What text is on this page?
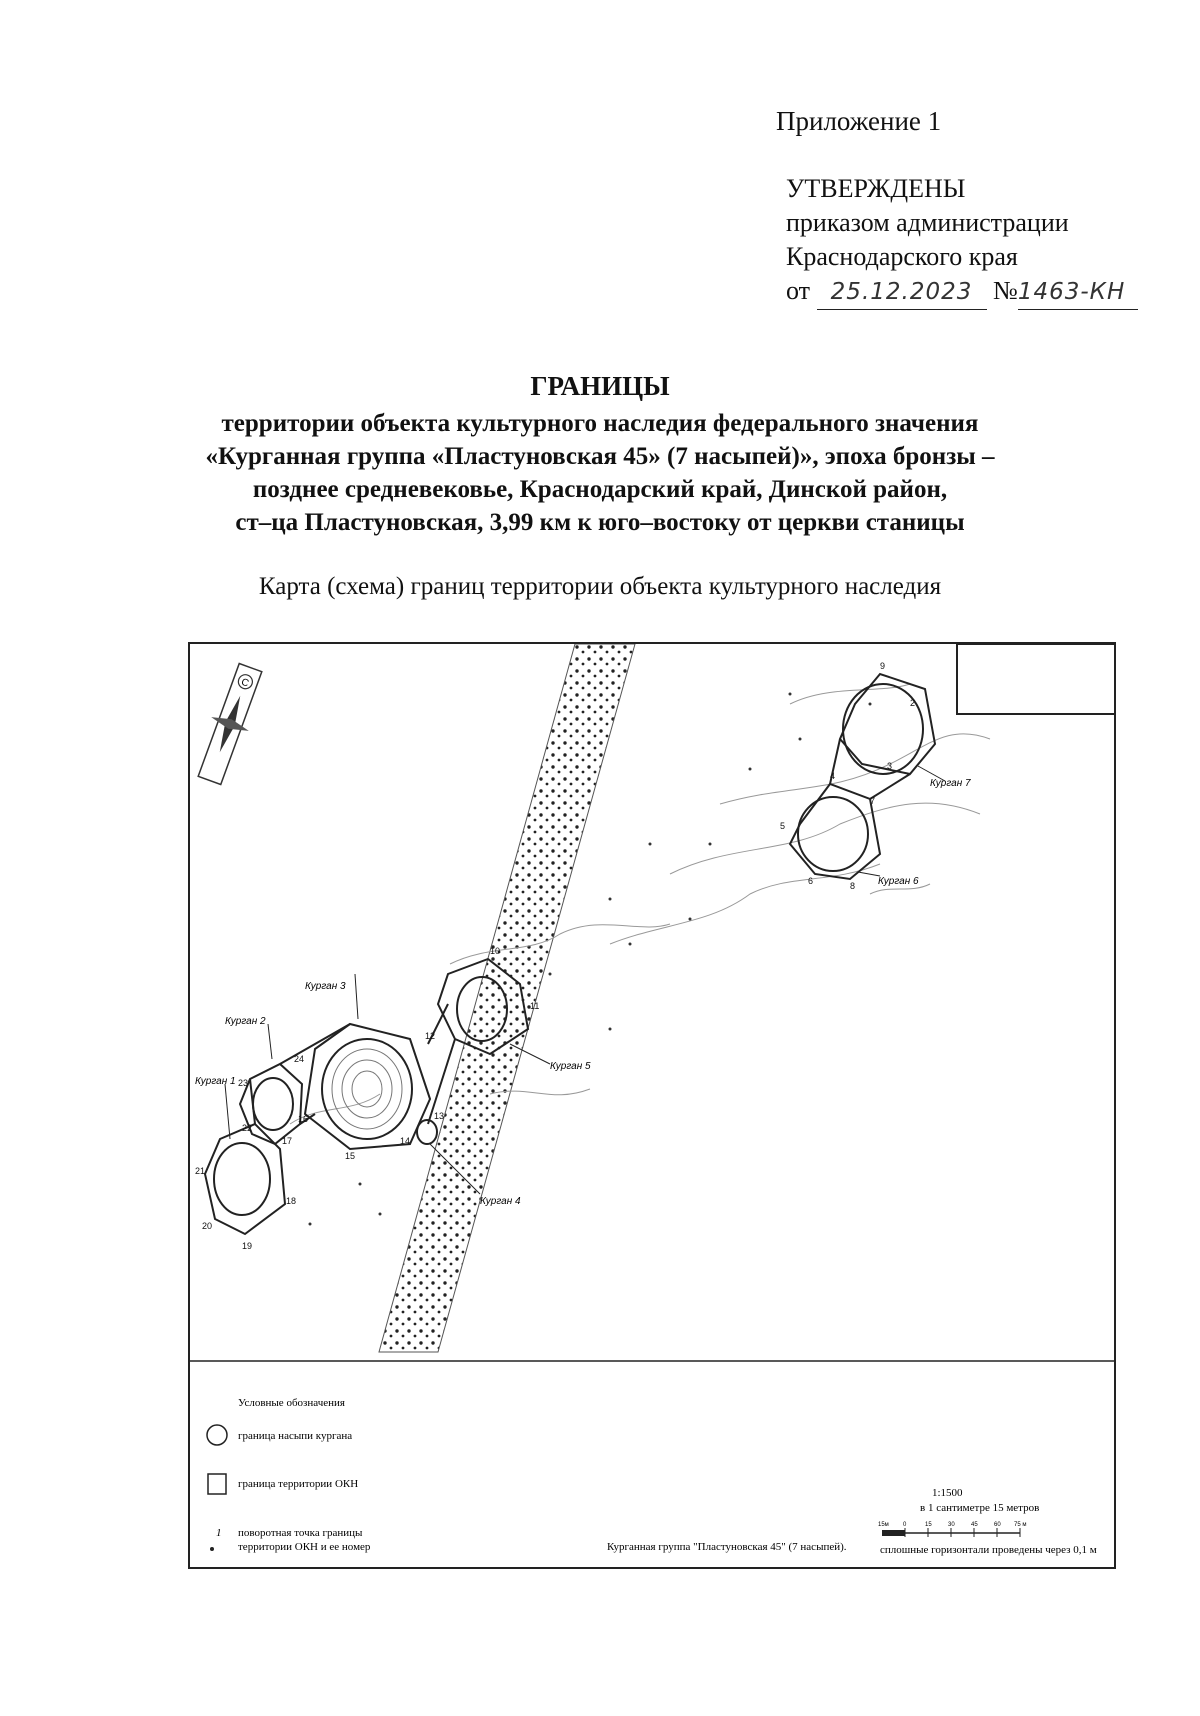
Приложение 1
УТВЕРЖДЕНЫ
приказом администрации
Краснодарского края
от 25.12.2023 №1463-КН
ГРАНИЦЫ
территории объекта культурного наследия федерального значения
«Курганная группа «Пластуновская 45» (7 насыпей)», эпоха бронзы –
позднее средневековье, Краснодарский край, Динской район,
ст–ца Пластуновская, 3,99 км к юго–востоку от церкви станицы
Карта (схема) границ территории объекта культурного наследия
С
Курган 7
Курган 6
Курган 5
Курган 3
Курган 4
Курган 2
Курган 1
2
3
4
5
6
7
8
9
10
11
12
13
14
15
16
17
18
19
20
21
22
23
24
Условные обозначения
граница насыпи кургана
граница территории ОКН
1 поворотная точка границы
территории ОКН и ее номер	Курганная группа "Пластуновская 45" (7 насыпей).
1:1500
в 1 сантиметре 15 метров
15м 0	15	30	45	60 75 м
сплошные горизонтали проведены через 0,1 м
